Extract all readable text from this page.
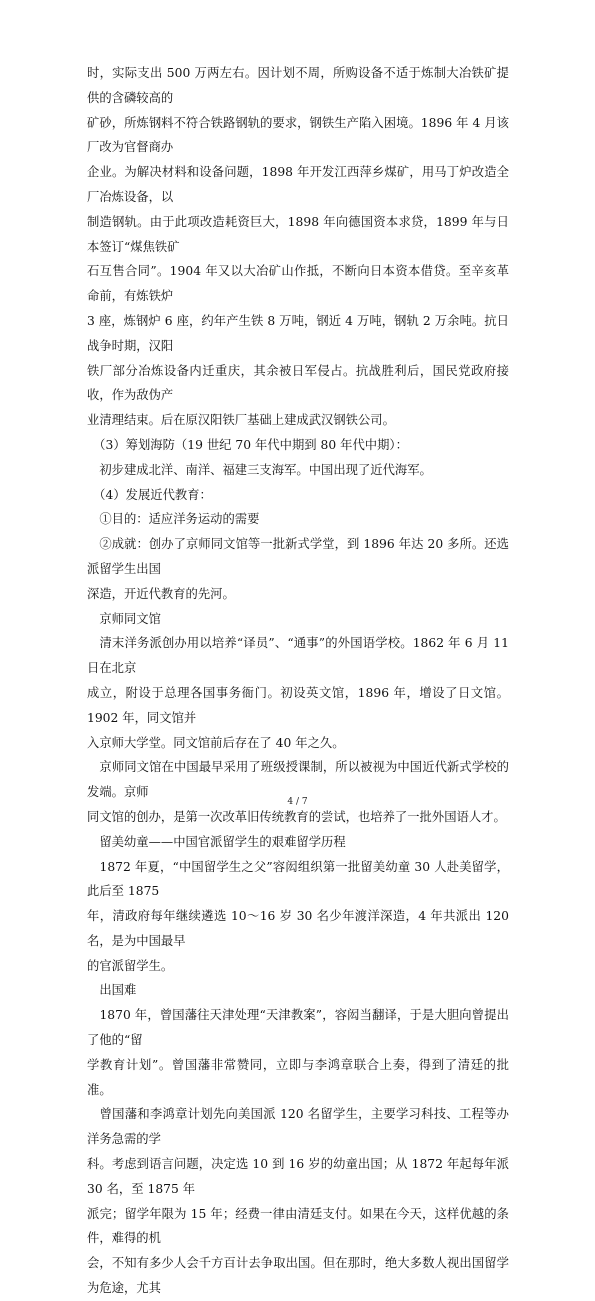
时，实际支出 500 万两左右。因计划不周，所购设备不适于炼制大冶铁矿提供的含磷较高的
矿砂，所炼钢料不符合铁路钢轨的要求，钢铁生产陷入困境。1896 年 4 月该厂改为官督商办
企业。为解决材料和设备问题，1898 年开发江西萍乡煤矿，用马丁炉改造全厂冶炼设备，以
制造钢轨。由于此项改造耗资巨大，1898 年向德国资本求贷，1899 年与日本签订“煤焦铁矿
石互售合同”。1904 年又以大冶矿山作抵，不断向日本资本借贷。至辛亥革命前，有炼铁炉
3 座，炼钢炉 6 座，约年产生铁 8 万吨，钢近 4 万吨，钢轨 2 万余吨。抗日战争时期，汉阳
铁厂部分冶炼设备内迁重庆，其余被日军侵占。抗战胜利后，国民党政府接收，作为敌伪产
业清理结束。后在原汉阳铁厂基础上建成武汉钢铁公司。

　（3）筹划海防（19 世纪 70 年代中期到 80 年代中期）：

　初步建成北洋、南洋、福建三支海军。中国出现了近代海军。

　（4）发展近代教育：

　①目的：适应洋务运动的需要

　②成就：创办了京师同文馆等一批新式学堂，到 1896 年达 20 多所。还选派留学生出国
深造，开近代教育的先河。

　京师同文馆

　清末洋务派创办用以培养“译员”、“通事”的外国语学校。1862 年 6 月 11 日在北京
成立，附设于总理各国事务衙门。初设英文馆，1896 年，增设了日文馆。1902 年，同文馆并
入京师大学堂。同文馆前后存在了 40 年之久。

　京师同文馆在中国最早采用了班级授课制，所以被视为中国近代新式学校的发端。京师
同文馆的创办，是第一次改革旧传统教育的尝试，也培养了一批外国语人才。

　留美幼童——中国官派留学生的艰难留学历程

　1872 年夏，“中国留学生之父”容闳组织第一批留美幼童 30 人赴美留学，此后至 1875
年，清政府每年继续遴选 10～16 岁 30 名少年渡洋深造，4 年共派出 120 名，是为中国最早
的官派留学生。

　出国难

　1870 年，曾国藩往天津处理“天津教案”，容闳当翻译，于是大胆向曾提出了他的“留
学教育计划”。曾国藩非常赞同，立即与李鸿章联合上奏，得到了清廷的批准。

　曾国藩和李鸿章计划先向美国派 120 名留学生，主要学习科技、工程等办洋务急需的学
科。考虑到语言问题，决定选 10 到 16 岁的幼童出国；从 1872 年起每年派 30 名，至 1875 年
派完；留学年限为 15 年；经费一律由清廷支付。如果在今天，这样优越的条件，难得的机
会，不知有多少人会千方百计去争取出国。但在那时，绝大多数人视出国留学为危途，尤其

4 / 7
